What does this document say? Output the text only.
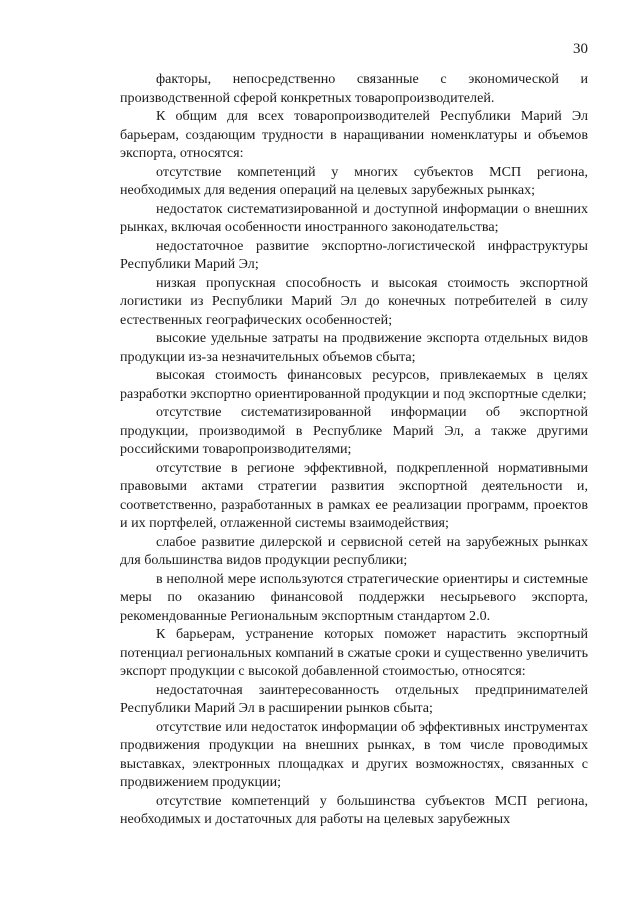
30

факторы, непосредственно связанные с экономической и производственной сферой конкретных товаропроизводителей.

К общим для всех товаропроизводителей Республики Марий Эл барьерам, создающим трудности в наращивании номенклатуры и объемов экспорта, относятся:

отсутствие компетенций у многих субъектов МСП региона, необходимых для ведения операций на целевых зарубежных рынках;

недостаток систематизированной и доступной информации о внешних рынках, включая особенности иностранного законодательства;

недостаточное развитие экспортно-логистической инфраструктуры Республики Марий Эл;

низкая пропускная способность и высокая стоимость экспортной логистики из Республики Марий Эл до конечных потребителей в силу естественных географических особенностей;

высокие удельные затраты на продвижение экспорта отдельных видов продукции из-за незначительных объемов сбыта;

высокая стоимость финансовых ресурсов, привлекаемых в целях разработки экспортно ориентированной продукции и под экспортные сделки;

отсутствие систематизированной информации об экспортной продукции, производимой в Республике Марий Эл, а также другими российскими товаропроизводителями;

отсутствие в регионе эффективной, подкрепленной нормативными правовыми актами стратегии развития экспортной деятельности и, соответственно, разработанных в рамках ее реализации программ, проектов и их портфелей, отлаженной системы взаимодействия;

слабое развитие дилерской и сервисной сетей на зарубежных рынках для большинства видов продукции республики;

в неполной мере используются стратегические ориентиры и системные меры по оказанию финансовой поддержки несырьевого экспорта, рекомендованные Региональным экспортным стандартом 2.0.

К барьерам, устранение которых поможет нарастить экспортный потенциал региональных компаний в сжатые сроки и существенно увеличить экспорт продукции с высокой добавленной стоимостью, относятся:

недостаточная заинтересованность отдельных предпринимателей Республики Марий Эл в расширении рынков сбыта;

отсутствие или недостаток информации об эффективных инструментах продвижения продукции на внешних рынках, в том числе проводимых выставках, электронных площадках и других возможностях, связанных с продвижением продукции;

отсутствие компетенций у большинства субъектов МСП региона, необходимых и достаточных для работы на целевых зарубежных
